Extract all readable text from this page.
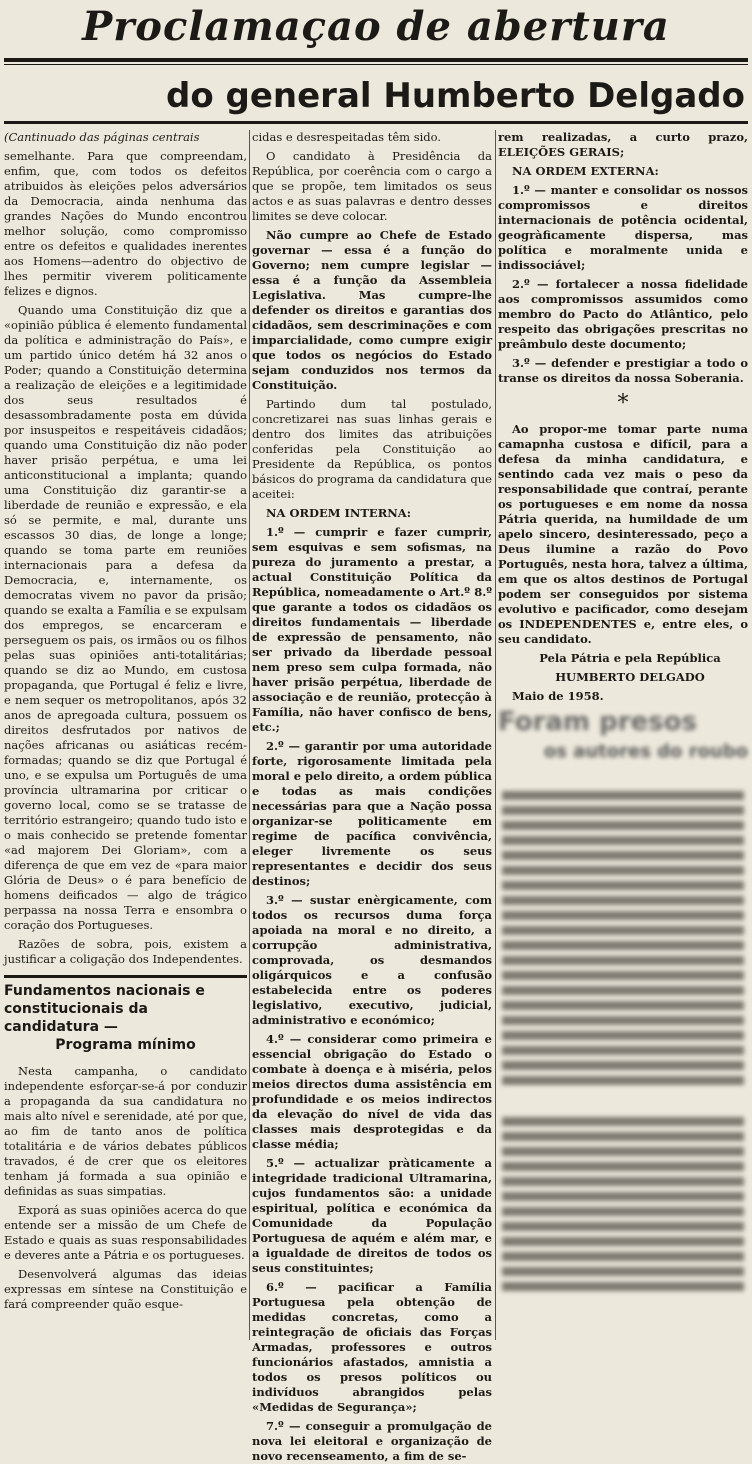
Proclamaçao de abertura
do general Humberto Delgado

(Cantinuado das páginas centrais

semelhante. Para que compreendam, enfim, que, com todos os defeitos atribuidos às eleições pelos adversários da Democracia, ainda nenhuma das grandes Nações do Mundo encontrou melhor solução, como compromisso entre os defeitos e qualidades inerentes aos Homens—adentro do objectivo de lhes permitir viverem politicamente felizes e dignos.

Quando uma Constituição diz que a «opinião pública é elemento fundamental da política e administração do País», e um partido único detém há 32 anos o Poder; quando a Constituição determina a realização de eleições e a legitimidade dos seus resultados é desassombradamente posta em dúvida por insuspeitos e respeitáveis cidadãos; quando uma Constituição diz não poder haver prisão perpétua, e uma lei anticonstitucional a implanta; quando uma Constituição diz garantir-se a liberdade de reunião e expressão, e ela só se permite, e mal, durante uns escassos 30 dias, de longe a longe; quando se toma parte em reuniões internacionais para a defesa da Democracia, e, internamente, os democratas vivem no pavor da prisão; quando se exalta a Família e se expulsam dos empregos, se encarceram e perseguem os pais, os irmãos ou os filhos pelas suas opiniões anti-totalitárias; quando se diz ao Mundo, em custosa propaganda, que Portugal é feliz e livre, e nem sequer os metropolitanos, após 32 anos de apregoada cultura, possuem os direitos desfrutados por nativos de nações africanas ou asiáticas recém-formadas; quando se diz que Portugal é uno, e se expulsa um Português de uma província ultramarina por criticar o governo local, como se se tratasse de território estrangeiro; quando tudo isto e o mais conhecido se pretende fomentar «ad majorem Dei Gloriam», com a diferença de que em vez de «para maior Glória de Deus» o é para benefício de homens deificados — algo de trágico perpassa na nossa Terra e ensombra o coração dos Portugueses.

Razões de sobra, pois, existem a justificar a coligação dos Independentes.

Fundamentos nacionais e constitucionais da candidatura —
Programa mínimo

Nesta campanha, o candidato independente esforçar-se-á por conduzir a propaganda da sua candidatura no mais alto nível e serenidade, até por que, ao fim de tanto anos de política totalitária e de vários debates públicos travados, é de crer que os eleitores tenham já formada a sua opinião e definidas as suas simpatias.

Exporá as suas opiniões acerca do que entende ser a missão de um Chefe de Estado e quais as suas responsabilidades e deveres ante a Pátria e os portugueses.

Desenvolverá algumas das ideias expressas em síntese na Constituição e fará compreender quão esque-

cidas e desrespeitadas têm sido.

O candidato à Presidência da República, por coerência com o cargo a que se propõe, tem limitados os seus actos e as suas palavras e dentro desses limites se deve colocar.

Não cumpre ao Chefe de Estado governar — essa é a função do Governo; nem cumpre legislar — essa é a função da Assembleia Legislativa. Mas cumpre-lhe defender os direitos e garantias dos cidadãos, sem descriminações e com imparcialidade, como cumpre exigir que todos os negócios do Estado sejam conduzidos nos termos da Constituição.

Partindo dum tal postulado, concretizarei nas suas linhas gerais e dentro dos limites das atribuições conferidas pela Constituição ao Presidente da República, os pontos básicos do programa da candidatura que aceitei:

NA ORDEM INTERNA:

1.º — cumprir e fazer cumprir, sem esquivas e sem sofismas, na pureza do juramento a prestar, a actual Constituição Política da República, nomeadamente o Art.º 8.º que garante a todos os cidadãos os direitos fundamentais — liberdade de expressão de pensamento, não ser privado da liberdade pessoal nem preso sem culpa formada, não haver prisão perpétua, liberdade de associação e de reunião, protecção à Família, não haver confisco de bens, etc.;

2.º — garantir por uma autoridade forte, rigorosamente limitada pela moral e pelo direito, a ordem pública e todas as mais condições necessárias para que a Nação possa organizar-se politicamente em regime de pacífica convivência, eleger livremente os seus representantes e decidir dos seus destinos;

3.º — sustar enèrgicamente, com todos os recursos duma força apoiada na moral e no direito, a corrupção administrativa, comprovada, os desmandos oligárquicos e a confusão estabelecida entre os poderes legislativo, executivo, judicial, administrativo e económico;

4.º — considerar como primeira e essencial obrigação do Estado o combate à doença e à miséria, pelos meios directos duma assistência em profundidade e os meios indirectos da elevação do nível de vida das classes mais desprotegidas e da classe média;

5.º — actualizar pràticamente a integridade tradicional Ultramarina, cujos fundamentos são: a unidade espiritual, política e económica da Comunidade da População Portuguesa de aquém e além mar, e a igualdade de direitos de todos os seus constituintes;

6.º — pacificar a Família Portuguesa pela obtenção de medidas concretas, como a reintegração de oficiais das Forças Armadas, professores e outros funcionários afastados, amnistia a todos os presos políticos ou indivíduos abrangidos pelas «Medidas de Segurança»;

7.º — conseguir a promulgação de nova lei eleitoral e organização de novo recenseamento, a fim de se-

rem realizadas, a curto prazo, ELEIÇÕES GERAIS;

NA ORDEM EXTERNA:

1.º — manter e consolidar os nossos compromissos e direitos internacionais de potência ocidental, geogràficamente dispersa, mas política e moralmente unida e indissociável;

2.º — fortalecer a nossa fidelidade aos compromissos assumidos como membro do Pacto do Atlântico, pelo respeito das obrigações prescritas no preâmbulo deste documento;

3.º — defender e prestigiar a todo o transe os direitos da nossa Soberania.

*

Ao propor-me tomar parte numa camapnha custosa e difícil, para a defesa da minha candidatura, e sentindo cada vez mais o peso da responsabilidade que contraí, perante os portugueses e em nome da nossa Pátria querida, na humildade de um apelo sincero, desinteressado, peço a Deus ilumine a razão do Povo Português, nesta hora, talvez a última, em que os altos destinos de Portugal podem ser conseguidos por sistema evolutivo e pacificador, como desejam os INDEPENDENTES e, entre eles, o seu candidato.

Pela Pátria e pela República

HUMBERTO DELGADO

Maio de 1958.

Foram presos
os autores do roubo
